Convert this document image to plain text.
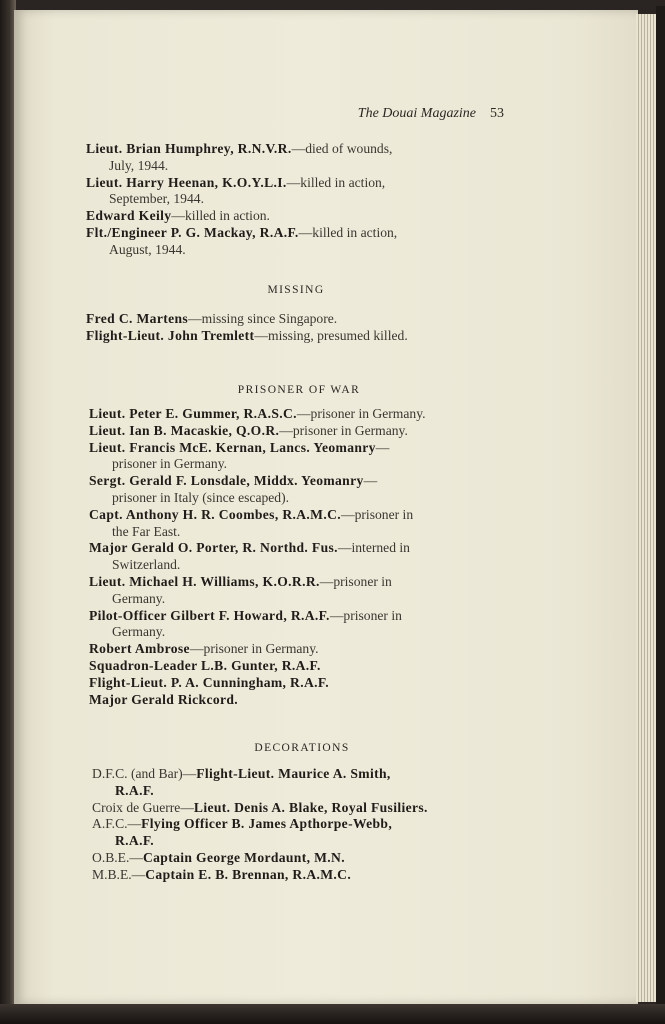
The Douai Magazine 53
Lieut. Brian Humphrey, R.N.V.R.—died of wounds,
July, 1944.
Lieut. Harry Heenan, K.O.Y.L.I.—killed in action,
September, 1944.
Edward Keily—killed in action.
Flt./Engineer P. G. Mackay, R.A.F.—killed in action,
August, 1944.
MISSING
Fred C. Martens—missing since Singapore.
Flight-Lieut. John Tremlett—missing, presumed killed.
PRISONER OF WAR
Lieut. Peter E. Gummer, R.A.S.C.—prisoner in Germany.
Lieut. Ian B. Macaskie, Q.O.R.—prisoner in Germany.
Lieut. Francis McE. Kernan, Lancs. Yeomanry—
prisoner in Germany.
Sergt. Gerald F. Lonsdale, Middx. Yeomanry—
prisoner in Italy (since escaped).
Capt. Anthony H. R. Coombes, R.A.M.C.—prisoner in
the Far East.
Major Gerald O. Porter, R. Northd. Fus.—interned in
Switzerland.
Lieut. Michael H. Williams, K.O.R.R.—prisoner in
Germany.
Pilot-Officer Gilbert F. Howard, R.A.F.—prisoner in
Germany.
Robert Ambrose—prisoner in Germany.
Squadron-Leader L.B. Gunter, R.A.F.
Flight-Lieut. P. A. Cunningham, R.A.F.
Major Gerald Rickcord.
DECORATIONS
D.F.C. (and Bar)—Flight-Lieut. Maurice A. Smith,
R.A.F.
Croix de Guerre—Lieut. Denis A. Blake, Royal Fusiliers.
A.F.C.—Flying Officer B. James Apthorpe-Webb,
R.A.F.
O.B.E.—Captain George Mordaunt, M.N.
M.B.E.—Captain E. B. Brennan, R.A.M.C.
